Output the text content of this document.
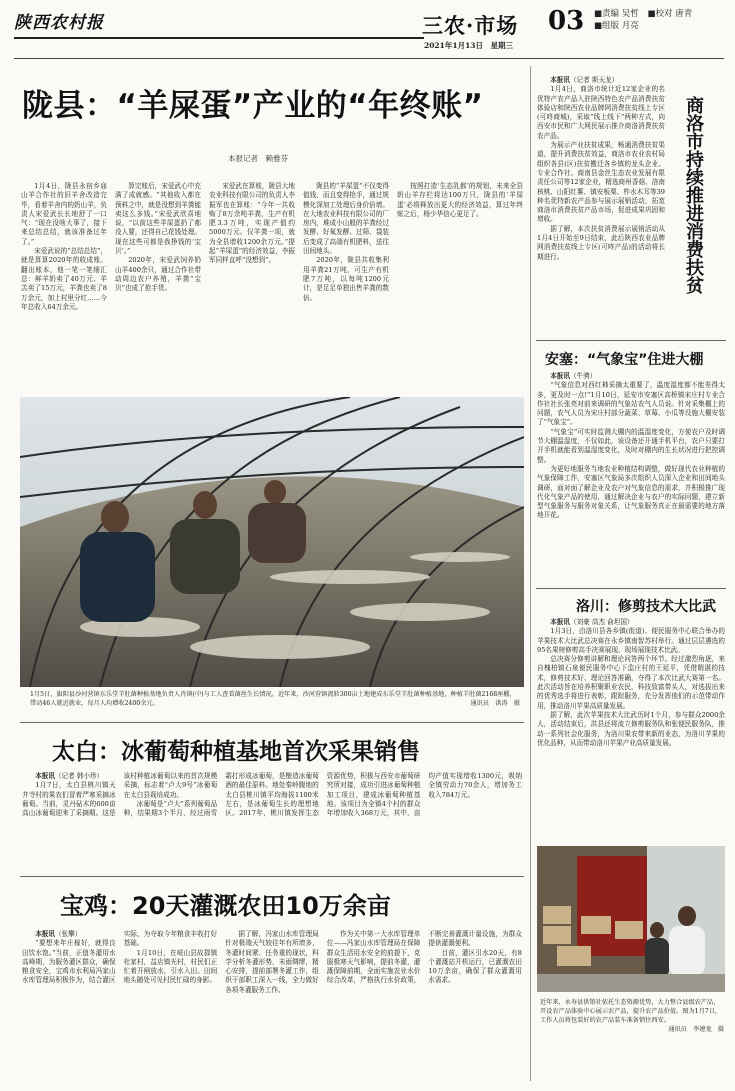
陕西农村报	三农·市场	03
2021年1月13日　星期三
■责编 吴哲 ■校对 唐青
■组版 月亮
陇县：“羊屎蛋”产业的“年终账”
本报记者　赖雅芬

1月4日，陇县永宿乡庙山羊合作社的旧羊舍改造完毕，看着羊舍内的奶山羊，负责人宋爱武长长地舒了一口气：“现在没啥大事了，接下来总结总结，就该准备过年了。”

宋爱武说的“总结总结”，就是算算2020年的收成账。翻出账本，他一笔一笔细汇总：鲜羊奶卖了40万元、羊羔卖了15万元，羊粪也卖了8万余元，加上村里分红……今年总收入64万余元。

算完账后，宋爱武心中充满了成就感。“其他收入都在预料之中，就是没想到羊粪能卖这么多钱。”宋爱武欣喜地说，“以前这些羊屎蛋扔了都没人要，还得自己花钱处理。现在这些可都是我挣钱的‘宝贝’。”

2020年，宋爱武饲养奶山羊400余只，通过合作社带动周边农户养殖，羊粪“宝贝”也成了抢手货。

宋爱武在算账，陇县大地农业科技有限公司的负责人李振军也在算账：“今年一共收购了8万余吨羊粪，生产有机肥3.3万吨，实现产值约5000万元。仅羊粪一项，就为全县增收1200余万元。”提起“羊屎蛋”的经济效益，李振军同样直呼“没想到”。

陇县的“羊屎蛋”不仅变得值钱，而且变得抢手，通过规模化深加工处理后身价倍增。在大地农业科技有限公司的厂房内，堆成小山般的羊粪经过发酵、好氧发酵、过筛、袋装后变成了高端有机肥料，送往田间地头。

2020年，陇县共收集利用羊粪21万吨，可生产有机肥7万吨，以每吨1200元计，是足足单独出售羊粪的数倍。

按照打造‘生态乳都’的规划，未来全县奶山羊存栏将达100万只，陇县的‘羊屎蛋’必将释放出更大的经济效益，算过年终账之后，杨少华信心更足了。

1月5日，旗阳县沙河营镇东乐堂羊肚菌种植基地负责人肖镇(中)与工人查看菌丝生长情况。近年来，沙河营镇流转300亩土地建成东乐堂羊肚菌种植基地，种植羊肚菌2168座棚，带动46人就近就业，每月人均增收2400余元。	通讯员　洪涛　摄
太白：冰葡萄种植基地首次采果销售

本报讯（记者 韩小珍）

1月7日，太白县桃川镇天井寺村的果农们冒着严寒采摘冰葡萄。当前，灵丹砧木的600亩高山冰葡萄迎来了采摘期。这是该村种植冰葡萄以来的首次规模采摘，标志着“卢大9号”冰葡萄在太白县栽培成功。

冰葡萄是“卢大”系列葡萄品种，结果期3个半月，经过雨雪霜打形成冰葡萄，是酿造冰葡萄酒的最佳原料。地处秦岭腹地的太白县桃川镇平均海拔1100米左右，是冰葡萄生长的理想地区。2017年，桃川镇发挥生态资源优势，积极与西安市葡萄研究所对接，成功引进冰葡萄种植加工项目，建成冰葡萄种植基地。该项目为全镇4个村的群众年增加收入368万元，其中，亩均产值实现增收1300元，吸纳全镇劳动力70余人，增加务工收入784万元。

宝鸡：20天灌溉农田10万余亩

本报讯（张攀）

“要想来年庄稼好，就得良田饮水饱。”当前，正值冬灌用水高峰期，为服务灌区群众，确保粮食安全，宝鸡市水利局冯家山水库管理局积极作为，结合灌区实际，为夺取今年粮食丰收打好基础。

1月10日，在岐山县故郡镇杜家村，益店镇光村，村民们正忙着开闸放水，引水入田。田间地头随处可见村民忙碌的身影。

据了解，冯家山水库管理局针对极端天气较往年有所增多，冬灌时间紧、任务重的现状，科学分析冬灌形势，未雨绸缪，精心安排，提前部署冬灌工作，组织干部职工深入一线，全力做好各项冬灌服务工作。

作为关中第一大水库管理单位——冯家山水库管理局在保障群众生活用水安全的前提下，克服极寒天气影响，提前冬灌，灌溉保障前期，全面实施农业水价综合改革，严格执行水价政策，不断完善灌溉计量设施，为群众提供灌溉便利。

目前，灌区引水20天，有8个灌溉站开机运行，已灌溉农田10万余亩，确保了群众灌溉用水需求。

本报讯（记者 斯天龙）

1月4日，商洛市统计近12家企业的名优特产农产品入驻陕西特色农产品消费扶贫体验店和陕西农业品牌网消费扶贫线上专区(可咚商城)，采取“线上线下”两种方式，向西安市民和广大网民展示推介商洛消费扶贫农产品。

为展示产业扶贫成果，畅通消费扶贫渠道，提升消费扶贫效益，商洛市农业农村局组织各县(区)扶贫搬迁各乡镇的龙头企业、专业合作社、商南县金丝生态农业发展有限责任公司等12家企业，精选商州香菇、洛南核桃、山阳红薯、镇安板栗、柞水木耳等39种名优特新农产品参与展示展销活动，拓宽商洛市消费扶贫产品市场，促进成果巩固和增收。

据了解，本次扶贫消费展示展销活动从1月4日开始至9日结束，此后陕西农业品牌网消费扶贫线上专区(可咚产品)的活动将长期进行。	商洛市持续推进消费扶贫
安塞：“气象宝”住进大棚

本报讯（牛骋）

“气象信息对西红柿采摘太重要了，温度湿度都不能差得太多，更及时一点!”1月10日，延安市安塞区高桥镇宋庄村专业合作社社长张亮对前来调研的气象站农气人员说。针对采集棚上的问题，农气人员为宋庄村部分蔬菜、草莓、小瓜等设施大棚安装了“气象宝”。

“气象宝”可实时监测大棚内的温湿度变化，方便农户及时调节大棚温湿度，不仅如此，该设备还开通手机平台，农户只要打开手机就能看到温湿度变化，及时对棚内的生长状况进行把控调整。

为更好地服务当地农业种植结构调整，做好现代农业种植的气象保障工作，安塞区气象局多次组织人员深入企业和田间地头调研，面对面了解企业及农户对气象信息的需求，并积极推广现代化气象产品的使用，通过解决企业与农户的实际问题，建立新型气象服务与服务对象关系，让气象服务真正在最需要的地方落地开花。

洛川：修剪技术大比武

本报讯（刘豪 高杰 俞坦国）

1月3日，由洛川县各乡镇(街道)、便民服务中心联合举办的苹果技术大比武总决赛在永乡镇南智苏村举行。通过层层遴选的95名果树修剪高手决赛展现、现场展现技术比武。

总决赛分修剪讲解和理论问答两个环节。经过激烈角逐，来自槐柏镇石泉便民服务中心下监庄村的王延平，凭借精湛的技术，修剪技术好、理论回答准确，夺得了本次比武大赛第一名。此次活动旨在培养积聚职业农民，科技致富带头人，对选拔出来的优秀选手将进行表彰，跟踪服务，充分发挥他们的示范带动作用，推动洛川苹果高质量发展。

据了解，此次苹果技术大比武历时1个月，参与群众2000余人，活动结束后，洪县还将流立修剪服务队和张便民服务队，推动一系列社会化服务，为洛川果农带来新的业态，为洛川苹果的优化品种，从而带动洛川苹果产业高质量发展。

近年来，永寿县供销社依托生态资源优势，大力整合县级农产品，开设农产品体验中心展示农产品，提升农产品价值。图为1月7日，工作人员将包装好的农产品装车准备销往西安。
通讯员　李建龙　摄
